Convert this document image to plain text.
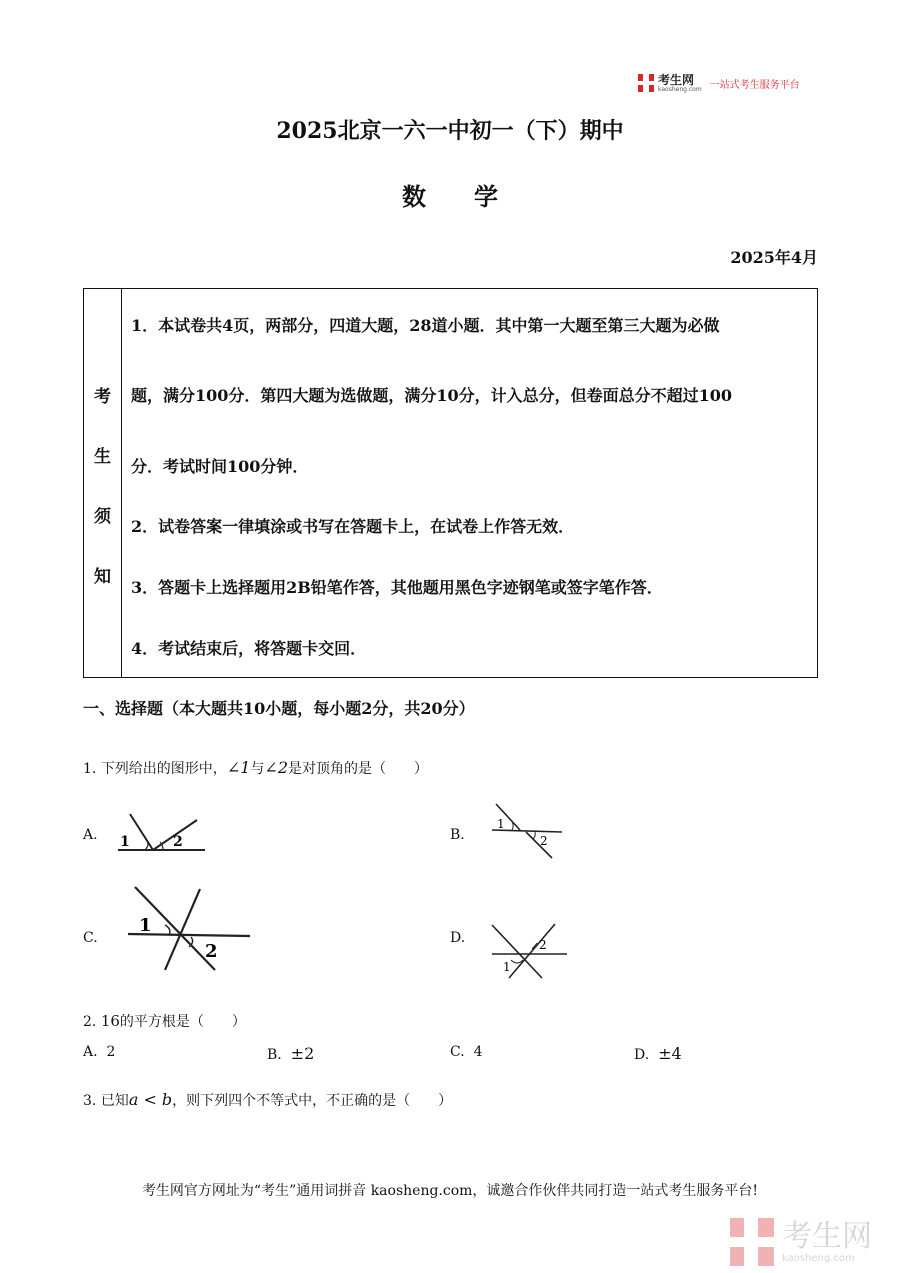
考生网
kaosheng.com 一站式考生服务平台
2025北京一六一中初一（下）期中
数　　学
2025年4月
考
生
须
知
1．本试卷共4页，两部分，四道大题，28道小题．其中第一大题至第三大题为必做
题，满分100分．第四大题为选做题，满分10分，计入总分，但卷面总分不超过100
分．考试时间100分钟．
2．试卷答案一律填涂或书写在答题卡上，在试卷上作答无效．
3．答题卡上选择题用2B铅笔作答，其他题用黑色字迹钢笔或签字笔作答．
4．考试结束后，将答题卡交回．
一、选择题（本大题共10小题，每小题2分，共20分）
1. 下列给出的图形中，∠1与∠2是对顶角的是（　　）
A.	B.
C.	D.
1	2
1
2
1
2
1
2
2. 16的平方根是（　　）
A. 2	B. ±2	C. 4	D. ±4
3. 已知a < b，则下列四个不等式中，不正确的是（　　）
考生网官方网址为“考生”通用词拼音 kaosheng.com，诚邀合作伙伴共同打造一站式考生服务平台!
考生网
kaosheng.com
